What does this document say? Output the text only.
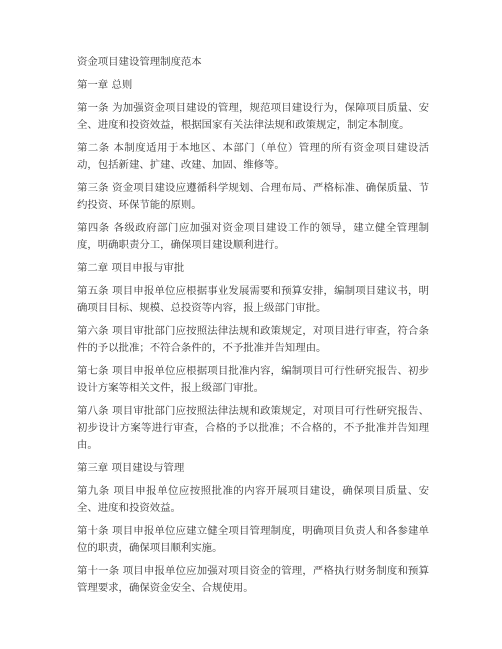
资金项目建设管理制度范本

第一章 总则

第一条 为加强资金项目建设的管理，规范项目建设行为，保障项目质量、安全、进度和投资效益，根据国家有关法律法规和政策规定，制定本制度。

第二条 本制度适用于本地区、本部门（单位）管理的所有资金项目建设活动，包括新建、扩建、改建、加固、维修等。

第三条 资金项目建设应遵循科学规划、合理布局、严格标准、确保质量、节约投资、环保节能的原则。

第四条 各级政府部门应加强对资金项目建设工作的领导，建立健全管理制度，明确职责分工，确保项目建设顺利进行。

第二章 项目申报与审批

第五条 项目申报单位应根据事业发展需要和预算安排，编制项目建议书，明确项目目标、规模、总投资等内容，报上级部门审批。

第六条 项目审批部门应按照法律法规和政策规定，对项目进行审查，符合条件的予以批准；不符合条件的，不予批准并告知理由。

第七条 项目申报单位应根据项目批准内容，编制项目可行性研究报告、初步设计方案等相关文件，报上级部门审批。

第八条 项目审批部门应按照法律法规和政策规定，对项目可行性研究报告、初步设计方案等进行审查，合格的予以批准；不合格的，不予批准并告知理由。

第三章 项目建设与管理

第九条 项目申报单位应按照批准的内容开展项目建设，确保项目质量、安全、进度和投资效益。

第十条 项目申报单位应建立健全项目管理制度，明确项目负责人和各参建单位的职责，确保项目顺利实施。

第十一条 项目申报单位应加强对项目资金的管理，严格执行财务制度和预算管理要求，确保资金安全、合规使用。
